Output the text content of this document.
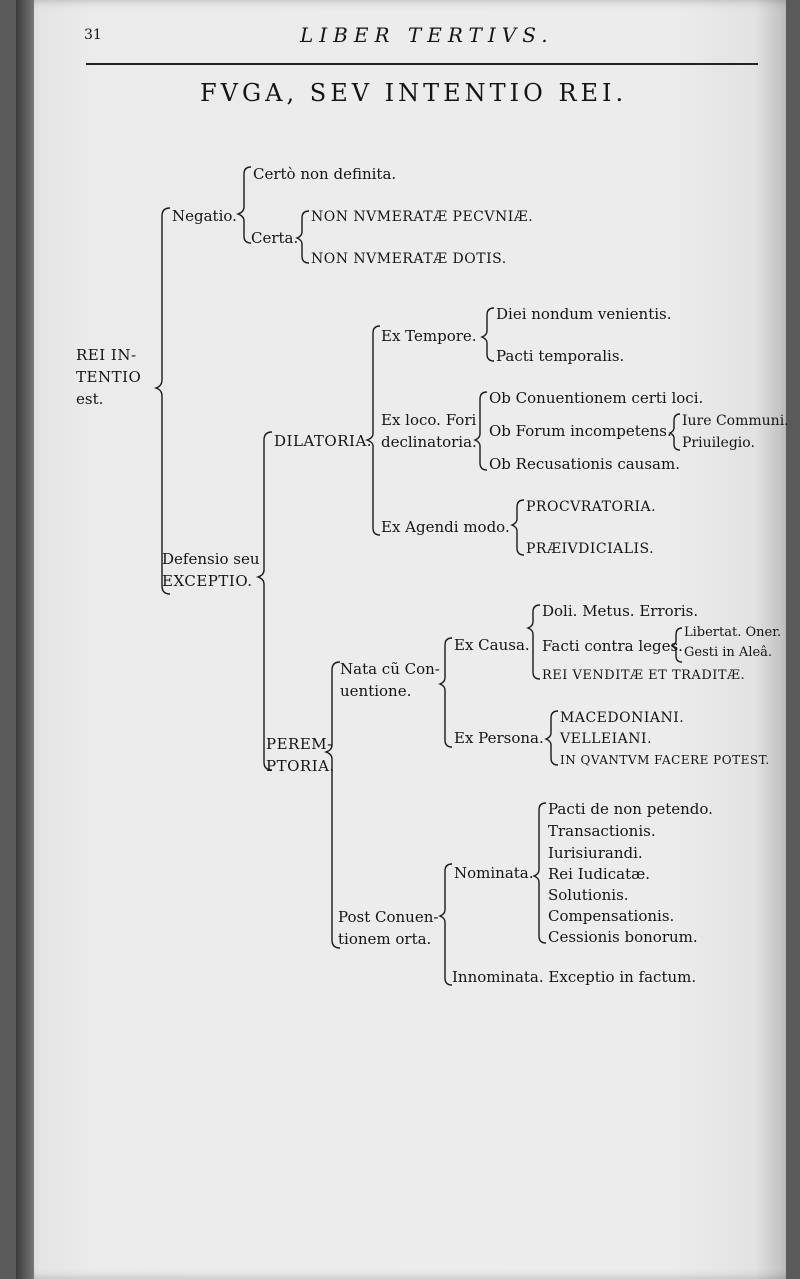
31	LIBER TERTIVS.
FVGA, SEV INTENTIO REI.
REI IN-
TENTIO
est.
Negatio.
Certò non definita.
Certa.
NON NVMERATÆ PECVNIÆ.
NON NVMERATÆ DOTIS.
Defensio seu
EXCEPTIO.
DILATORIA.
Ex Tempore.
Diei nondum venientis.
Pacti temporalis.
Ex loco. Fori
declinatoria.
Ob Conuentionem certi loci.
Ob Forum incompetens.
Ob Recusationis causam.
Iure Communi.
Priuilegio.
Ex Agendi modo.
PROCVRATORIA.
PRÆIVDICIALIS.
PEREM-
PTORIA.
Nata cũ Con-
uentione.
Ex Causa.
Doli. Metus. Erroris.
Facti contra leges.
REI VENDITÆ ET TRADITÆ.
Libertat. Oner.
Gesti in Aleâ.
Ex Persona.
MACEDONIANI.
VELLEIANI.
IN QVANTVM FACERE POTEST.
Post Conuen-
tionem orta.
Nominata.
Pacti de non petendo.
Transactionis.
Iurisiurandi.
Rei Iudicatæ.
Solutionis.
Compensationis.
Cessionis bonorum.
Innominata. Exceptio in factum.
